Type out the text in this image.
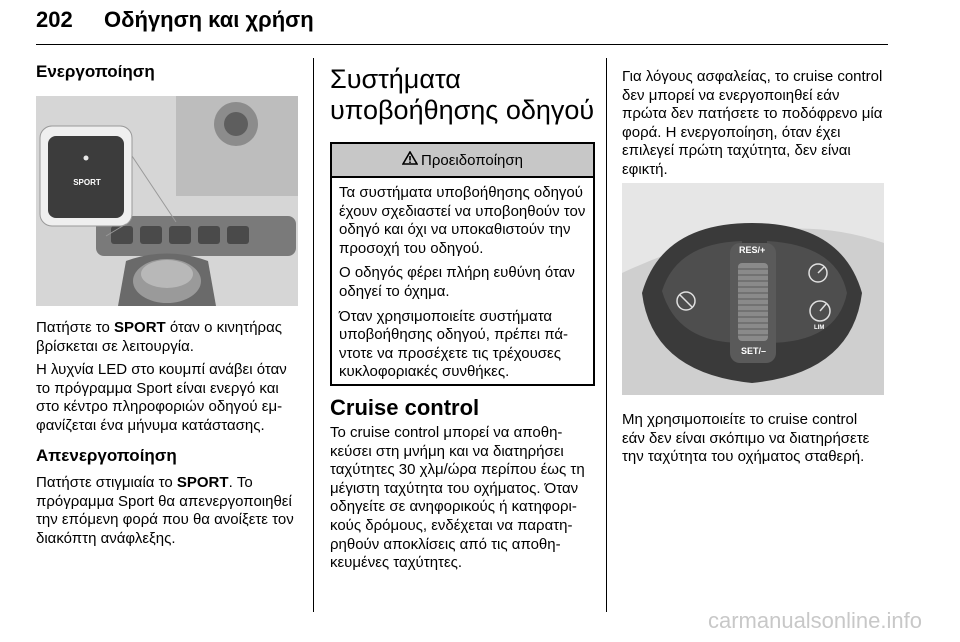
202 Οδήγηση και χρήση
Ενεργοποίηση
SPORT

Πατήστε το SPORT όταν ο κινητήρας βρίσκεται σε λειτουργία.

Η λυχνία LED στο κουμπί ανάβει όταν το πρόγραμμα Sport είναι ενεργό και στο κέντρο πληροφοριών οδηγού εμφανίζεται ένα μήνυμα κατάστασης.

Απενεργοποίηση

Πατήστε στιγμιαία το SPORT. Το πρόγραμμα Sport θα απενεργοποιηθεί την επόμενη φορά που θα ανοίξετε τον διακόπτη ανάφλεξης.

Συστήματα
υποβοήθησης οδηγού
Προειδοποίηση

Τα συστήματα υποβοήθησης οδηγού έχουν σχεδιαστεί να υποβοηθούν τον οδηγό και όχι να υποκαθιστούν την προσοχή του οδηγού.

Ο οδηγός φέρει πλήρη ευθύνη όταν οδηγεί το όχημα.

Όταν χρησιμοποιείτε συστήματα υποβοήθησης οδηγού, πρέπει πάντοτε να προσέχετε τις τρέχουσες κυκλοφοριακές συνθήκες.

Cruise control

Το cruise control μπορεί να αποθηκεύσει στη μνήμη και να διατηρήσει ταχύτητες 30 χλμ/ώρα περίπου έως τη μέγιστη ταχύτητα του οχήματος. Όταν οδηγείτε σε ανηφορικούς ή κατηφορικούς δρόμους, ενδέχεται να παρατηρηθούν αποκλίσεις από τις αποθηκευμένες ταχύτητες.

Για λόγους ασφαλείας, το cruise control δεν μπορεί να ενεργοποιηθεί εάν πρώτα δεν πατήσετε το ποδόφρενο μία φορά. Η ενεργοποίηση, όταν έχει επιλεγεί πρώτη ταχύτητα, δεν είναι εφικτή.

RES/+
SET/–
LIM

Μη χρησιμοποιείτε το cruise control εάν δεν είναι σκόπιμο να διατηρήσετε την ταχύτητα του οχήματος σταθερή.

carmanualsonline.info
